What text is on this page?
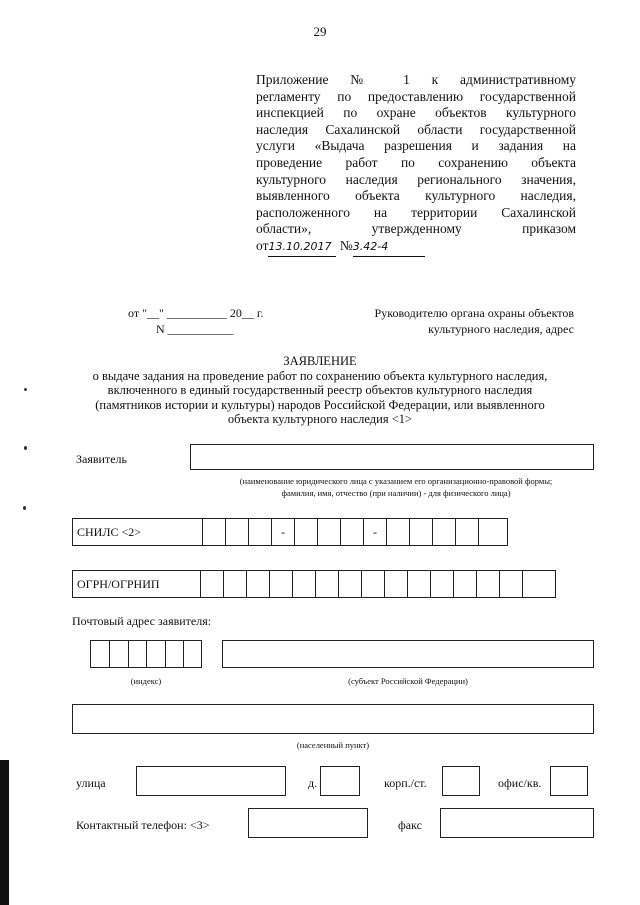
29
Приложение № 1 к административному
регламенту по предоставлению государственной
инспекцией по охране объектов культурного
наследия Сахалинской области государственной
услуги «Выдача разрешения и задания на
проведение работ по сохранению объекта
культурного наследия регионального значения,
выявленного объекта культурного наследия,
расположенного на территории Сахалинской
области», утвержденному приказом
от13.10.2017 №3.42-4
от "__" __________ 20__ г.
N ___________
Руководителю органа охраны объектов
культурного наследия, адрес
ЗАЯВЛЕНИЕ
о выдаче задания на проведение работ по сохранению объекта культурного наследия,
включенного в единый государственный реестр объектов культурного наследия
(памятников истории и культуры) народов Российской Федерации, или выявленного
объекта культурного наследия <1>
Заявитель
(наименование юридического лица с указанием его организационно-правовой формы;
фамилия, имя, отчество (при наличии) - для физического лица)
СНИЛС <2>	-	-
ОГРН/ОГРНИП
Почтовый адрес заявителя:
(индекс)	(субъект Российской Федерации)
(населенный пункт)
улица	д.	корп./ст.	офис/кв.
Контактный телефон: <3>	факс
